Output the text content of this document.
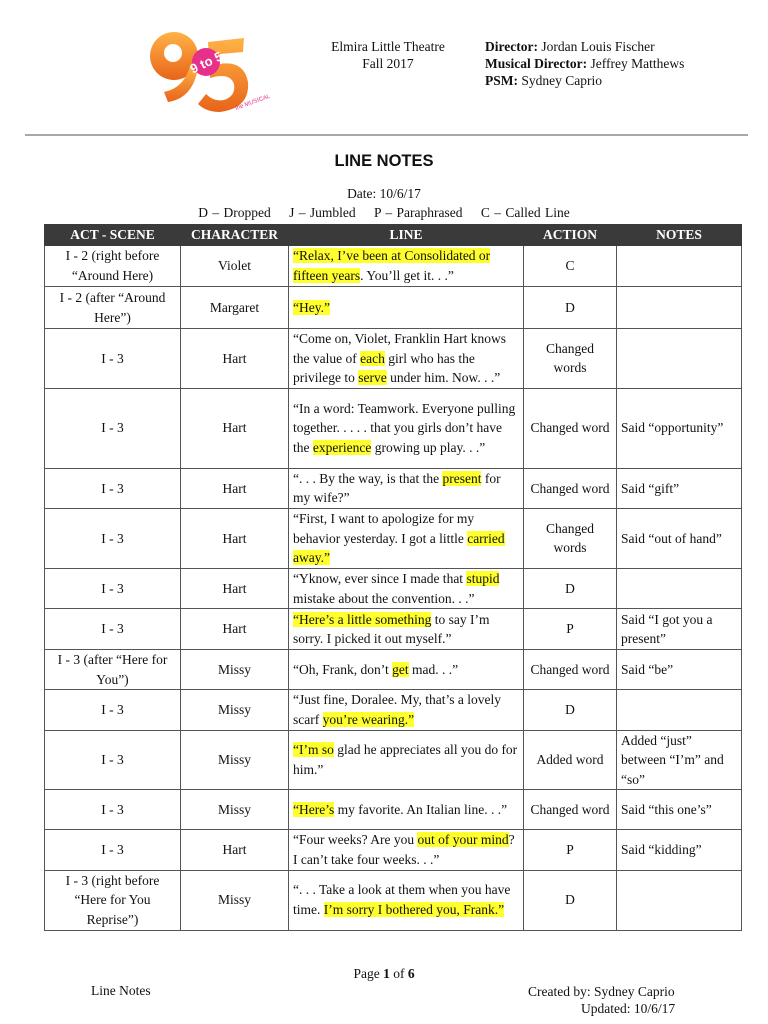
9 to 5
the MUSICAL
Elmira Little Theatre
Fall 2017
Director: Jordan Louis Fischer
Musical Director: Jeffrey Matthews
PSM: Sydney Caprio
LINE NOTES
Date: 10/6/17
D – Dropped J – Jumbled P – Paraphrased C – Called Line
ACT - SCENE	CHARACTER	LINE	ACTION	NOTES
I - 2 (right before “Around Here)	Violet	“Relax, I’ve been at Consolidated or fifteen years. You’ll get it. . .”	C	
I - 2 (after “Around Here”)	Margaret	“Hey.”	D	
I - 3	Hart	“Come on, Violet, Franklin Hart knows the value of each girl who has the privilege to serve under him. Now. . .”	Changed words	
I - 3	Hart	“In a word: Teamwork. Everyone pulling together. . . . . that you girls don’t have the experience growing up play. . .”	Changed word	Said “opportunity”
I - 3	Hart	“. . . By the way, is that the present for my wife?”	Changed word	Said “gift”
I - 3	Hart	“First, I want to apologize for my behavior yesterday. I got a little carried away.”	Changed words	Said “out of hand”
I - 3	Hart	“Yknow, ever since I made that stupid mistake about the convention. . .”	D	
I - 3	Hart	“Here’s a little something to say I’m sorry. I picked it out myself.”	P	Said “I got you a present”
I - 3 (after “Here for You”)	Missy	“Oh, Frank, don’t get mad. . .”	Changed word	Said “be”
I - 3	Missy	“Just fine, Doralee. My, that’s a lovely scarf you’re wearing.”	D	
I - 3	Missy	“I’m so glad he appreciates all you do for him.”	Added word	Added “just” between “I’m” and “so”
I - 3	Missy	“Here’s my favorite. An Italian line. . .”	Changed word	Said “this one’s”
I - 3	Hart	“Four weeks? Are you out of your mind? I can’t take four weeks. . .”	P	Said “kidding”
I - 3 (right before “Here for You Reprise”)	Missy	“. . . Take a look at them when you have time. I’m sorry I bothered you, Frank.”	D	
Page 1 of 6
Line Notes	Created by: Sydney Caprio
Updated: 10/6/17
